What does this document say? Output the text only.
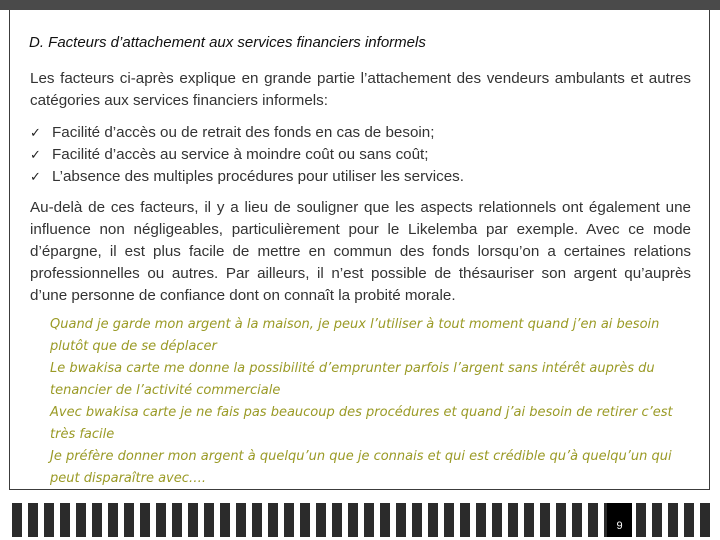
D. Facteurs d’attachement aux services financiers informels

Les facteurs ci-après explique en grande partie l’attachement des vendeurs ambulants et autres catégories aux services financiers informels:

✓ Facilité d’accès ou de retrait des fonds en cas de besoin;
✓ Facilité d’accès au service à moindre coût ou sans coût;
✓ L’absence des multiples procédures pour utiliser les services.

Au-delà de ces facteurs, il y a lieu de souligner que les aspects relationnels ont également une influence non négligeables, particulièrement pour le Likelemba par exemple. Avec ce mode d’épargne, il est plus facile de mettre en commun des fonds lorsqu’on a certaines relations professionnelles ou autres. Par ailleurs, il n’est possible de thésauriser son argent qu’auprès d’une personne de confiance dont on connaît la probité morale.

Quand je garde mon argent à la maison, je peux l’utiliser à tout moment quand j’en ai besoin plutôt que de se déplacer

Le bwakisa carte me donne la possibilité d’emprunter parfois l’argent sans intérêt auprès du tenancier de l’activité commerciale

Avec bwakisa carte je ne fais pas beaucoup des procédures et quand j’ai besoin de retirer c’est très facile

Je préfère donner mon argent à quelqu’un que je connais et qui est crédible qu’à quelqu’un qui peut disparaître avec….

9
